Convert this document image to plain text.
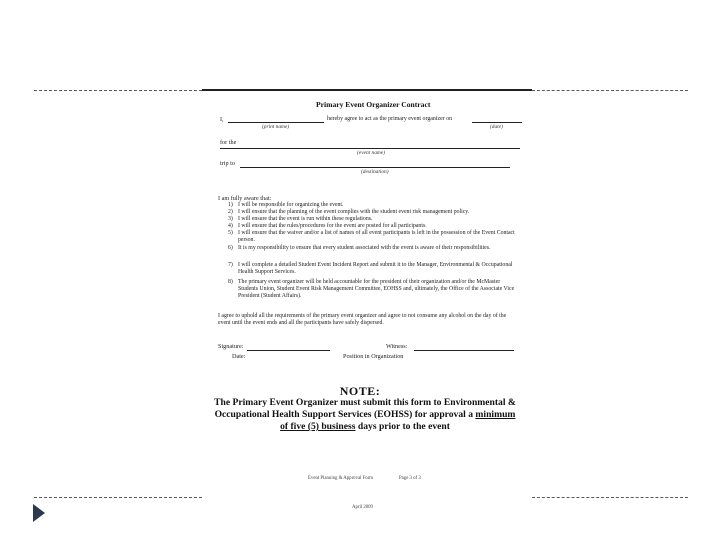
Primary Event Organizer Contract
I,	hereby agree to act as the primary event organizer on
(print name)	(date)
for the
(event name)
trip to
(destination)
I am fully aware that:
1) I will be responsible for organizing the event.
2) I will ensure that the planning of the event complies with the student event risk management policy.
3) I will ensure that the event is run within these regulations.
4) I will ensure that the rules/procedures for the event are posted for all participants.
5) I will ensure that the waiver and/or a list of names of all event participants is left in the possession of the Event Contact person.
6) It is my responsibility to ensure that every student associated with the event is aware of their responsibilities.
7) I will complete a detailed Student Event Incident Report and submit it to the Manager, Environmental & Occupational Health Support Services.
8) The primary event organizer will be held accountable for the president of their organization and/or the McMaster Students Union, Student Event Risk Management Committee, EOHSS and, ultimately, the Office of the Associate Vice President (Student Affairs).
I agree to uphold all the requirements of the primary event organizer and agree to not consume any alcohol on the day of the event until the event ends and all the participants have safely dispersed.
Signature:	Witness:
Date:	Position in Organization
NOTE:
The Primary Event Organizer must submit this form to Environmental &
Occupational Health Support Services (EOHSS) for approval a minimum
of five (5) business days prior to the event
Event Planning & Approval Form	Page 3 of 3
April 2009
